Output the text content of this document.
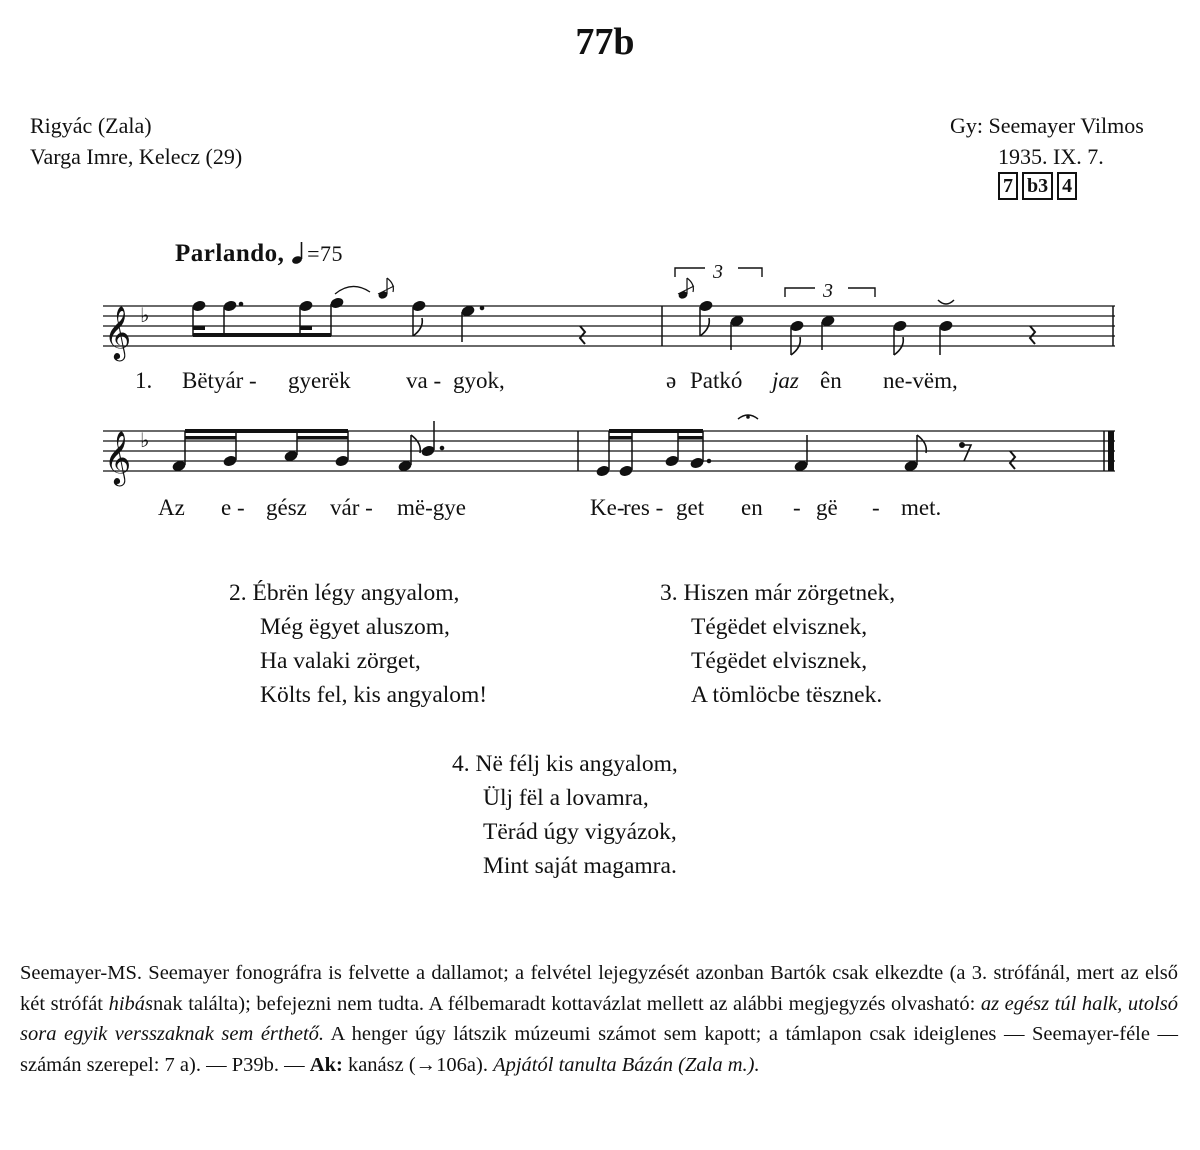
77b
Rigyác (Zala)
Varga Imre, Kelecz (29)
Gy: Seemayer Vilmos
1935. IX. 7.
7 b3 4
Parlando, =75
𝄞 ♭
3
3
1. Bëtyár - gyerëk va - gyok,	ə Patkó jaz ên ne-vëm,
𝄞 ♭
Az e - gész vár - më-gye	Ke-
res - get en - gë - met.
2. Ébrën légy angyalom,
Még ëgyet aluszom,
Ha valaki zörget,
Költs fel, kis angyalom!
3. Hiszen már zörgetnek,
Tégëdet elvisznek,
Tégëdet elvisznek,
A tömlöcbe tësznek.
4. Në félj kis angyalom,
Ülj fël a lovamra,
Tërád úgy vigyázok,
Mint saját magamra.
Seemayer-MS. Seemayer fonográfra is felvette a dallamot; a felvétel lejegyzését azonban Bartók csak elkezdte (a 3. strófánál, mert az első két strófát hibásnak találta); befejezni nem tudta. A félbemaradt kottavázlat mellett az alábbi megjegyzés olvasható: az egész túl halk, utolsó sora egyik versszaknak sem érthető. A henger úgy látszik múzeumi számot sem kapott; a támlapon csak ideiglenes — Seemayer-féle — számán szerepel: 7 a). — P39b. — Ak: kanász (→106a). Apjától tanulta Bázán (Zala m.).
